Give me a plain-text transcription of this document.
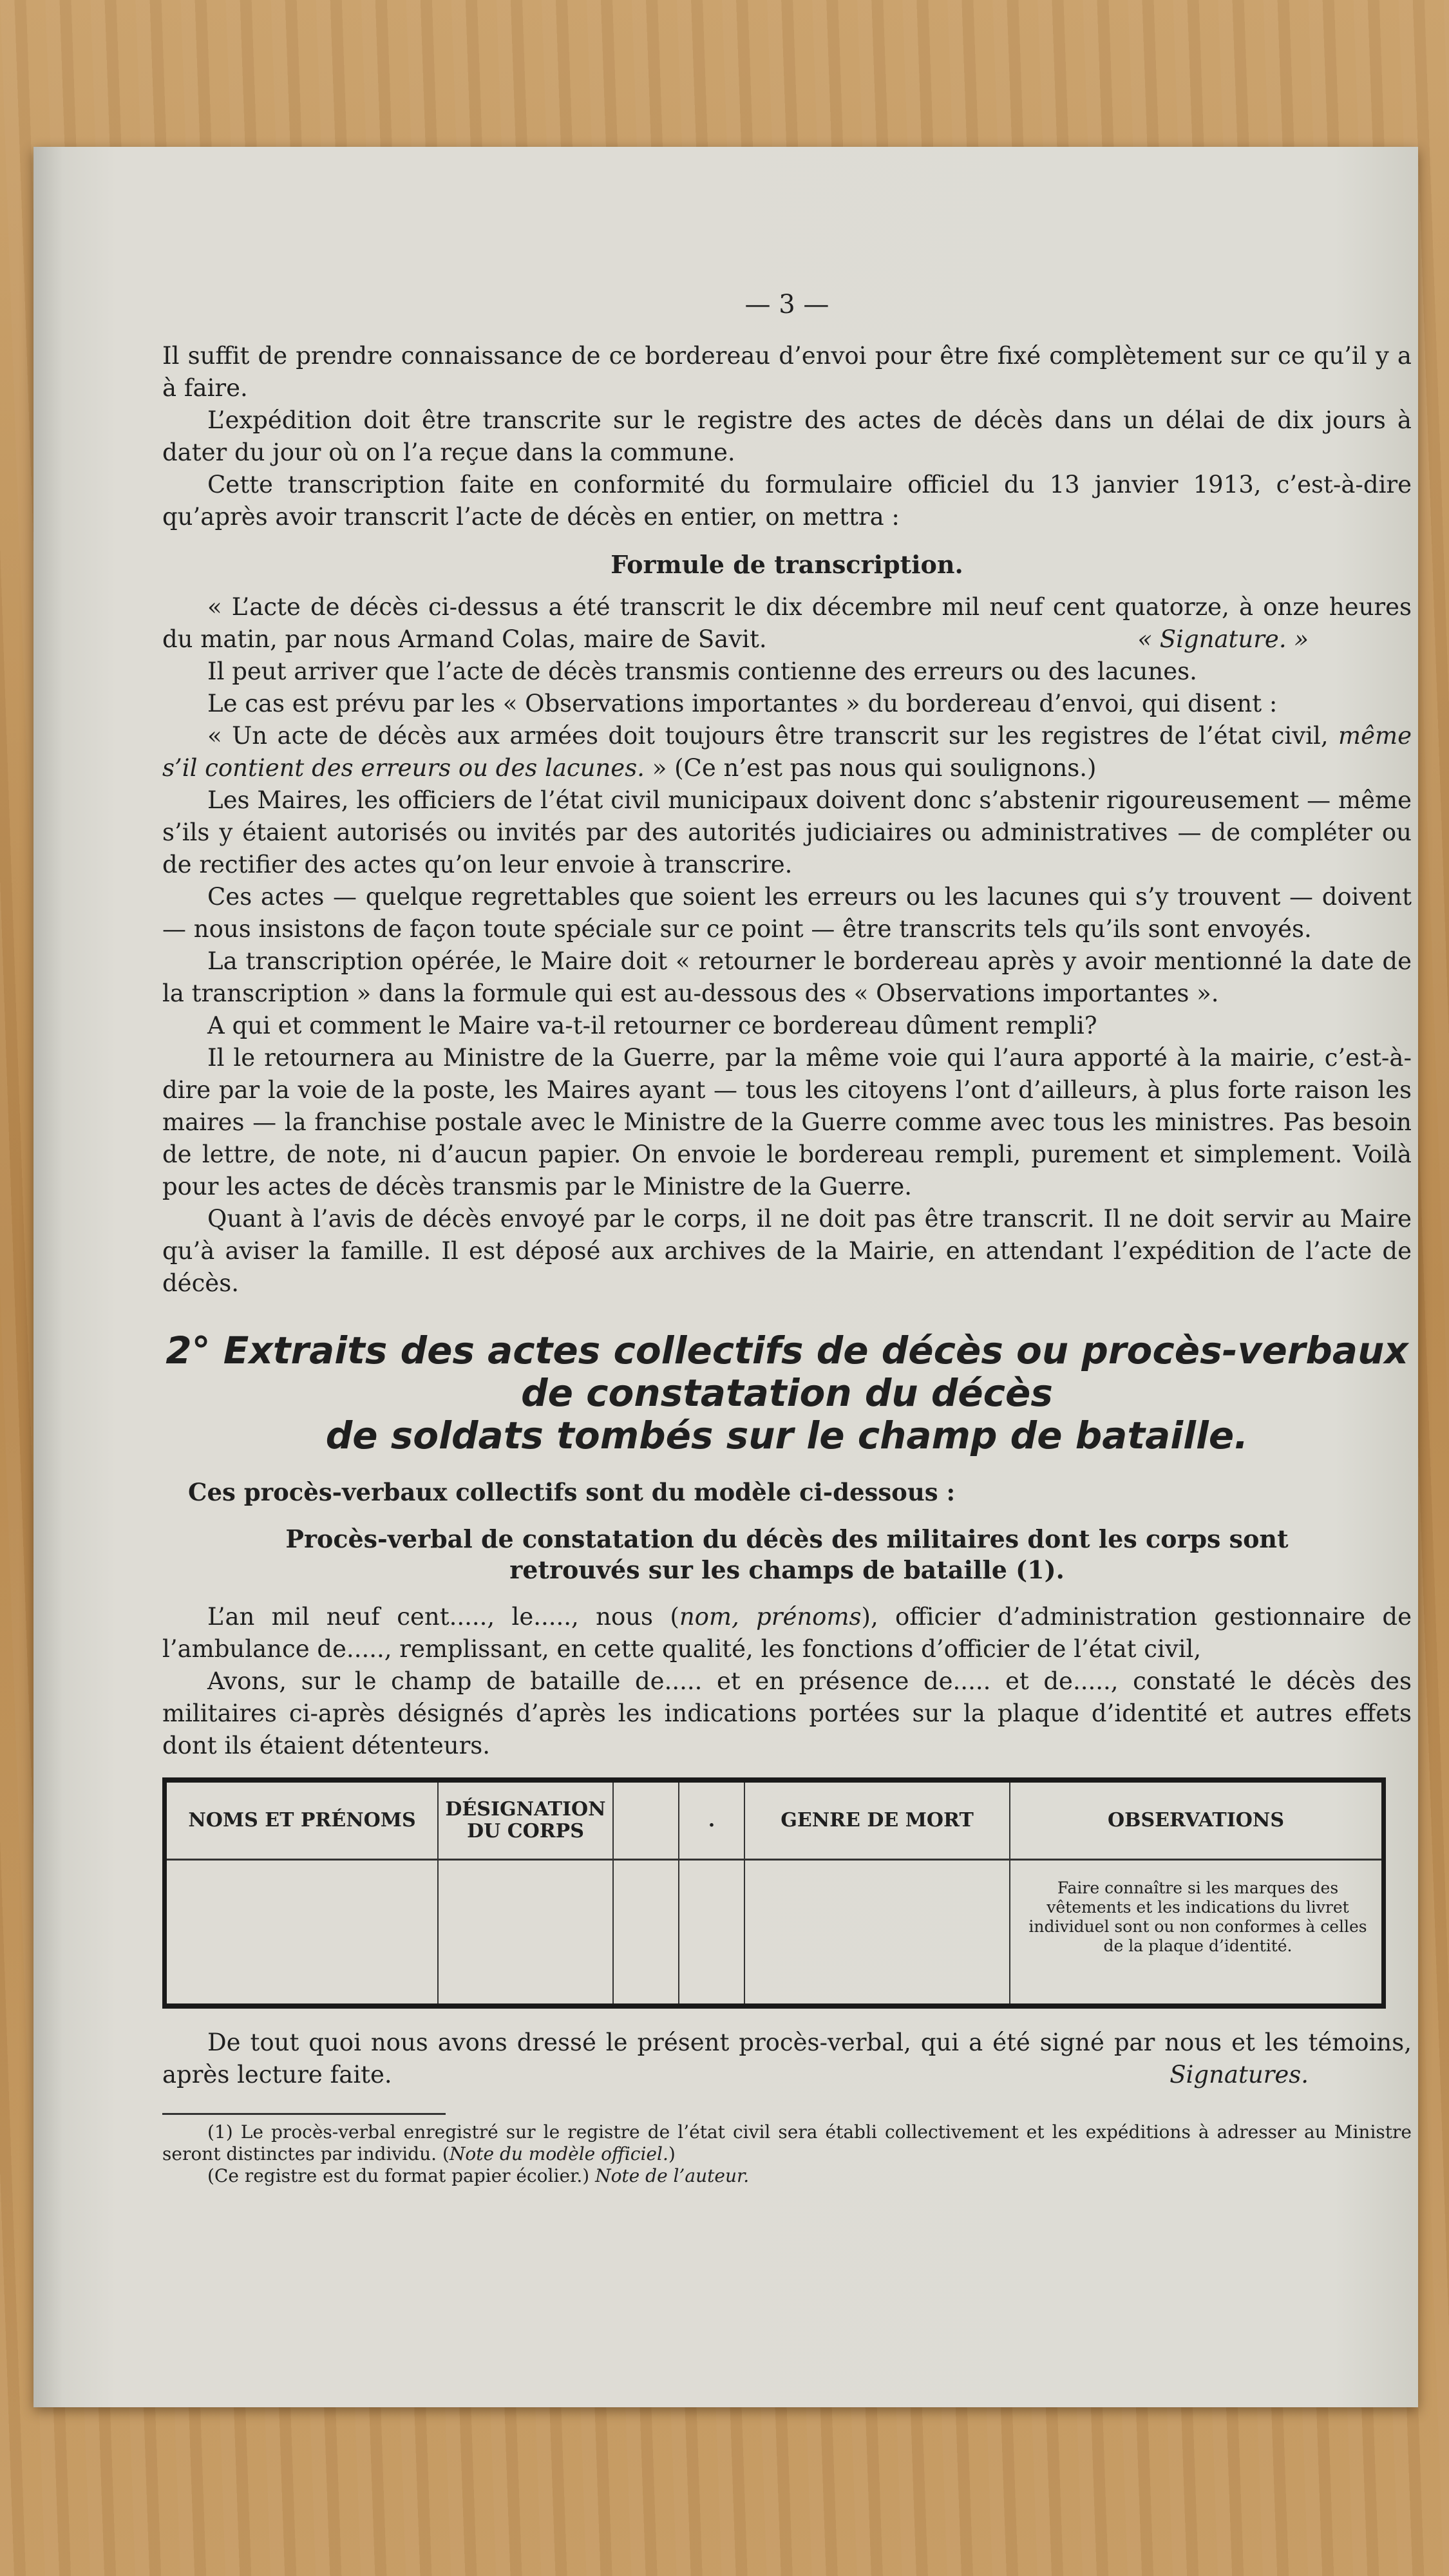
— 3 —

Il suffit de prendre connaissance de ce bordereau d’envoi pour être fixé complètement sur ce qu’il y a à faire.

L’expédition doit être transcrite sur le registre des actes de décès dans un délai de dix jours à dater du jour où on l’a reçue dans la commune.

Cette transcription faite en conformité du formulaire officiel du 13 janvier 1913, c’est-à-dire qu’après avoir transcrit l’acte de décès en entier, on mettra :

Formule de transcription.

« L’acte de décès ci-dessus a été transcrit le dix décembre mil neuf cent quatorze, à onze heures du matin, par nous Armand Colas, maire de Savit.	« Signature. »

Il peut arriver que l’acte de décès transmis contienne des erreurs ou des lacunes.

Le cas est prévu par les « Observations importantes » du bordereau d’envoi, qui disent :

« Un acte de décès aux armées doit toujours être transcrit sur les registres de l’état civil, même s’il contient des erreurs ou des lacunes. » (Ce n’est pas nous qui soulignons.)

Les Maires, les officiers de l’état civil municipaux doivent donc s’abstenir rigoureusement — même s’ils y étaient autorisés ou invités par des autorités judiciaires ou administratives — de compléter ou de rectifier des actes qu’on leur envoie à transcrire.

Ces actes — quelque regrettables que soient les erreurs ou les lacunes qui s’y trouvent — doivent — nous insistons de façon toute spéciale sur ce point — être transcrits tels qu’ils sont envoyés.

La transcription opérée, le Maire doit « retourner le bordereau après y avoir mentionné la date de la transcription » dans la formule qui est au-dessous des « Observations importantes ».

A qui et comment le Maire va-t-il retourner ce bordereau dûment rempli?

Il le retournera au Ministre de la Guerre, par la même voie qui l’aura apporté à la mairie, c’est-à-dire par la voie de la poste, les Maires ayant — tous les citoyens l’ont d’ailleurs, à plus forte raison les maires — la franchise postale avec le Ministre de la Guerre comme avec tous les ministres. Pas besoin de lettre, de note, ni d’aucun papier. On envoie le bordereau rempli, purement et simplement. Voilà pour les actes de décès transmis par le Ministre de la Guerre.

Quant à l’avis de décès envoyé par le corps, il ne doit pas être transcrit. Il ne doit servir au Maire qu’à aviser la famille. Il est déposé aux archives de la Mairie, en attendant l’expédition de l’acte de décès.

2° Extraits des actes collectifs de décès ou procès-verbaux
de constatation du décès
de soldats tombés sur le champ de bataille.

Ces procès-verbaux collectifs sont du modèle ci-dessous :

Procès-verbal de constatation du décès des militaires dont les corps sont
retrouvés sur les champs de bataille (1).

L’an mil neuf cent....., le....., nous (nom, prénoms), officier d’administration gestionnaire de l’ambulance de....., remplissant, en cette qualité, les fonctions d’officier de l’état civil,

Avons, sur le champ de bataille de..... et en présence de..... et de....., constaté le décès des militaires ci-après désignés d’après les indications portées sur la plaque d’identité et autres effets dont ils étaient détenteurs.

NOMS ET PRÉNOMS	DÉSIGNATION DU CORPS		.	GENRE DE MORT	OBSERVATIONS

					Faire connaître si les marques des vêtements et les indications du livret individuel sont ou non conformes à celles de la plaque d’identité.

De tout quoi nous avons dressé le présent procès-verbal, qui a été signé par nous et les témoins, après lecture faite.	Signatures.

(1) Le procès-verbal enregistré sur le registre de l’état civil sera établi collectivement et les expéditions à adresser au Ministre seront distinctes par individu. (Note du modèle officiel.)

(Ce registre est du format papier écolier.) Note de l’auteur.
